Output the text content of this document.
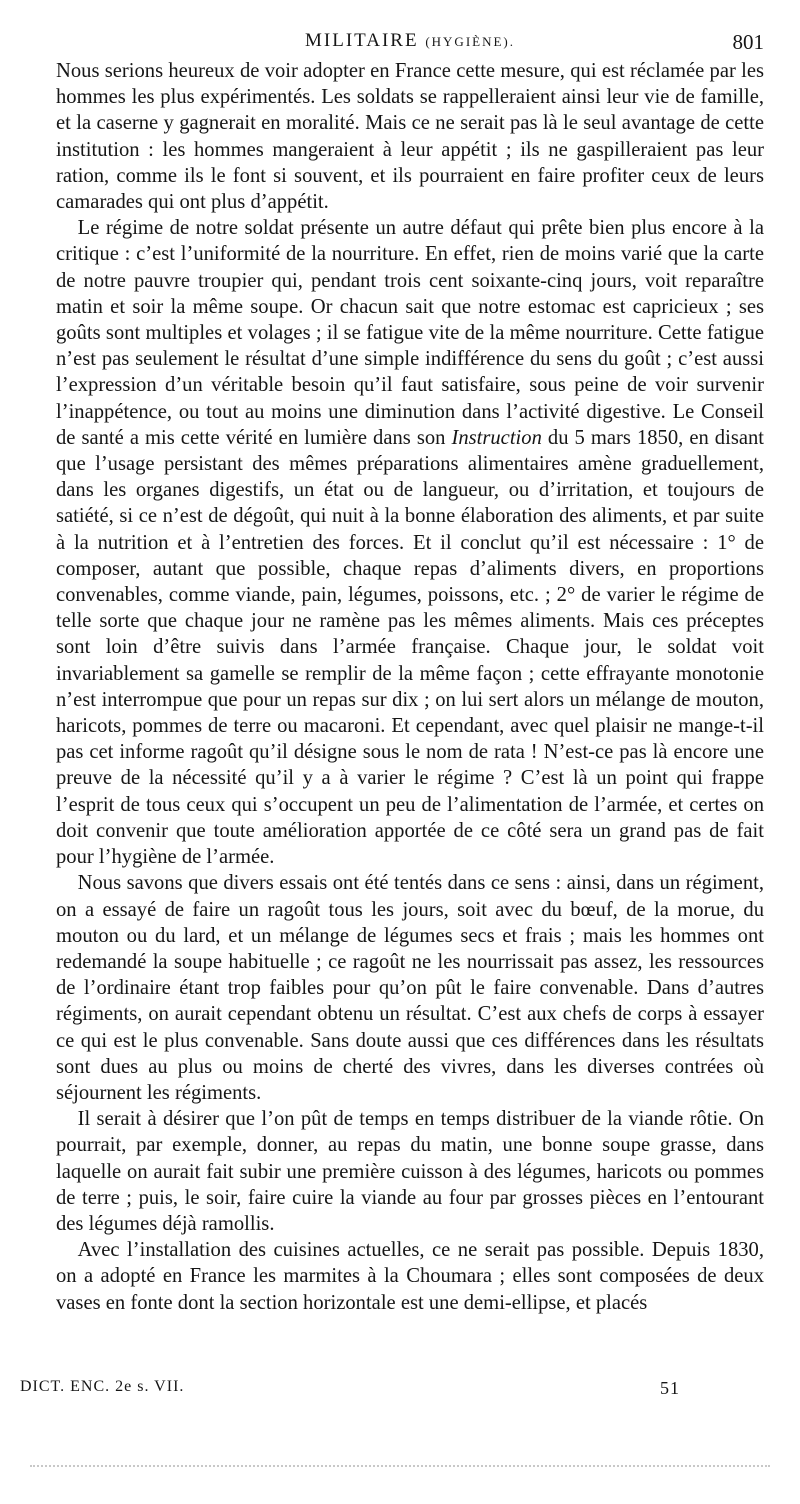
MILITAIRE (HYGIÈNE).	801

Nous serions heureux de voir adopter en France cette mesure, qui est réclamée par les hommes les plus expérimentés. Les soldats se rappelleraient ainsi leur vie de famille, et la caserne y gagnerait en moralité. Mais ce ne serait pas là le seul avantage de cette institution : les hommes mangeraient à leur appétit ; ils ne gaspilleraient pas leur ration, comme ils le font si souvent, et ils pourraient en faire profiter ceux de leurs camarades qui ont plus d’appétit.

Le régime de notre soldat présente un autre défaut qui prête bien plus encore à la critique : c’est l’uniformité de la nourriture. En effet, rien de moins varié que la carte de notre pauvre troupier qui, pendant trois cent soixante-cinq jours, voit reparaître matin et soir la même soupe. Or chacun sait que notre estomac est capricieux ; ses goûts sont multiples et volages ; il se fatigue vite de la même nourriture. Cette fatigue n’est pas seulement le résultat d’une simple indifférence du sens du goût ; c’est aussi l’expression d’un véritable besoin qu’il faut satisfaire, sous peine de voir survenir l’inappétence, ou tout au moins une diminution dans l’activité digestive. Le Conseil de santé a mis cette vérité en lumière dans son Instruction du 5 mars 1850, en disant que l’usage persistant des mêmes préparations alimentaires amène graduellement, dans les organes digestifs, un état ou de langueur, ou d’irritation, et toujours de satiété, si ce n’est de dégoût, qui nuit à la bonne élaboration des aliments, et par suite à la nutrition et à l’entretien des forces. Et il conclut qu’il est nécessaire : 1° de composer, autant que possible, chaque repas d’aliments divers, en proportions convenables, comme viande, pain, légumes, poissons, etc. ; 2° de varier le régime de telle sorte que chaque jour ne ramène pas les mêmes aliments. Mais ces préceptes sont loin d’être suivis dans l’armée française. Chaque jour, le soldat voit invariablement sa gamelle se remplir de la même façon ; cette effrayante monotonie n’est interrompue que pour un repas sur dix ; on lui sert alors un mélange de mouton, haricots, pommes de terre ou macaroni. Et cependant, avec quel plaisir ne mange-t-il pas cet informe ragoût qu’il désigne sous le nom de rata ! N’est-ce pas là encore une preuve de la nécessité qu’il y a à varier le régime ? C’est là un point qui frappe l’esprit de tous ceux qui s’occupent un peu de l’alimentation de l’armée, et certes on doit convenir que toute amélioration apportée de ce côté sera un grand pas de fait pour l’hygiène de l’armée.

Nous savons que divers essais ont été tentés dans ce sens : ainsi, dans un régiment, on a essayé de faire un ragoût tous les jours, soit avec du bœuf, de la morue, du mouton ou du lard, et un mélange de légumes secs et frais ; mais les hommes ont redemandé la soupe habituelle ; ce ragoût ne les nourrissait pas assez, les ressources de l’ordinaire étant trop faibles pour qu’on pût le faire convenable. Dans d’autres régiments, on aurait cependant obtenu un résultat. C’est aux chefs de corps à essayer ce qui est le plus convenable. Sans doute aussi que ces différences dans les résultats sont dues au plus ou moins de cherté des vivres, dans les diverses contrées où séjournent les régiments.

Il serait à désirer que l’on pût de temps en temps distribuer de la viande rôtie. On pourrait, par exemple, donner, au repas du matin, une bonne soupe grasse, dans laquelle on aurait fait subir une première cuisson à des légumes, haricots ou pommes de terre ; puis, le soir, faire cuire la viande au four par grosses pièces en l’entourant des légumes déjà ramollis.

Avec l’installation des cuisines actuelles, ce ne serait pas possible. Depuis 1830, on a adopté en France les marmites à la Choumara ; elles sont composées de deux vases en fonte dont la section horizontale est une demi-ellipse, et placés

DICT. ENC. 2e s. VII.	51
